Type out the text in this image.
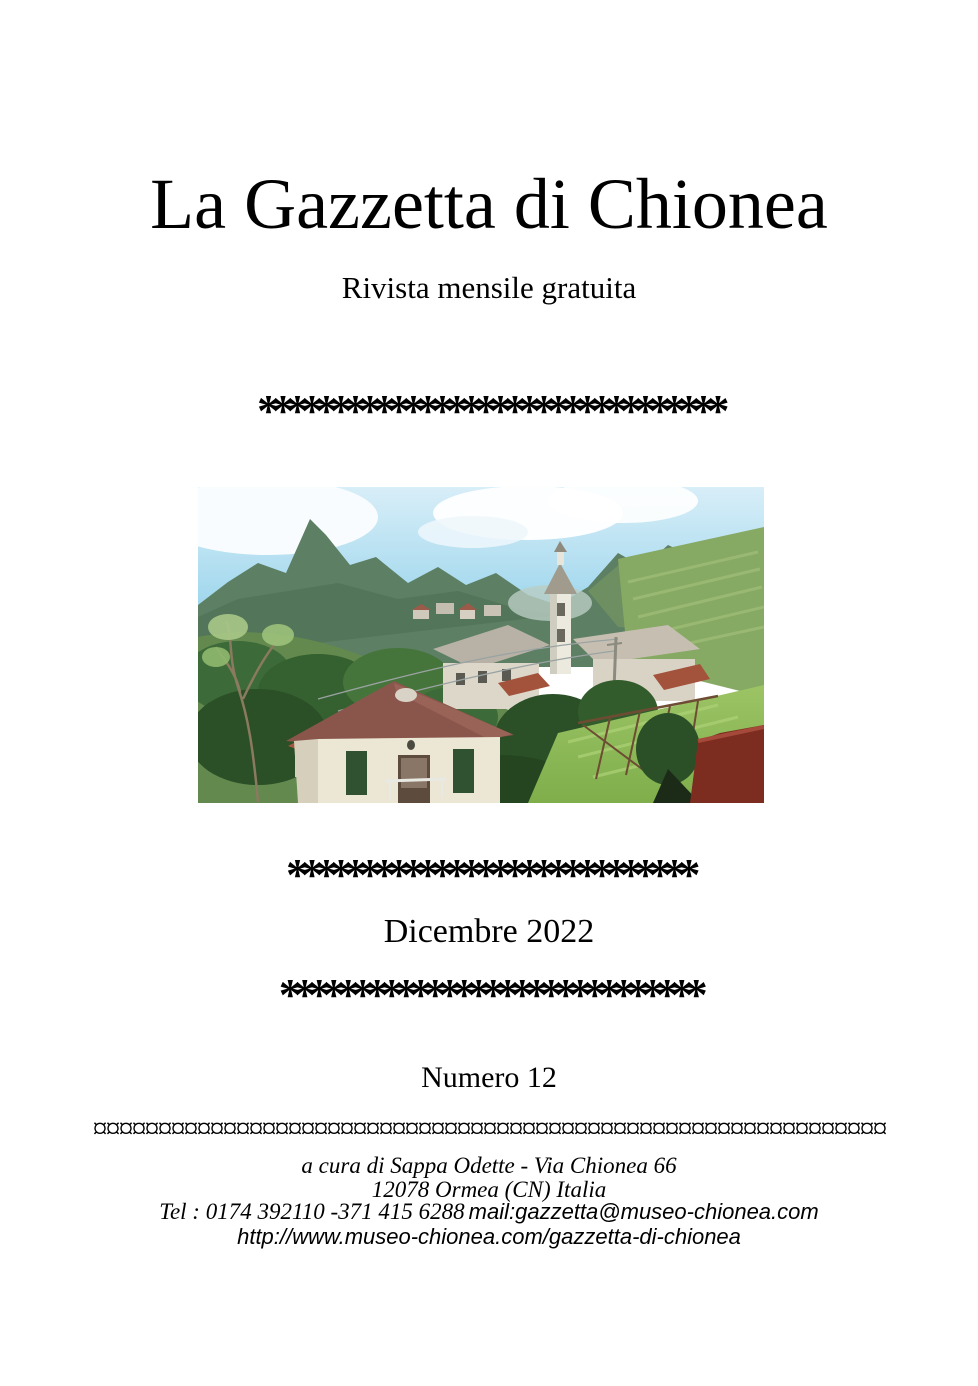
La Gazzetta di Chionea
Rivista mensile gratuita
********************************
****************************
Dicembre 2022
*****************************
Numero 12
¤¤¤¤¤¤¤¤¤¤¤¤¤¤¤¤¤¤¤¤¤¤¤¤¤¤¤¤¤¤¤¤¤¤¤¤¤¤¤¤¤¤¤¤¤¤¤¤¤¤¤¤¤¤¤¤¤¤¤¤¤
a cura di Sappa Odette - Via Chionea 66
12078 Ormea (CN) Italia
Tel : 0174 392110 -371 415 6288 mail:gazzetta@museo-chionea.com
http://www.museo-chionea.com/gazzetta-di-chionea
